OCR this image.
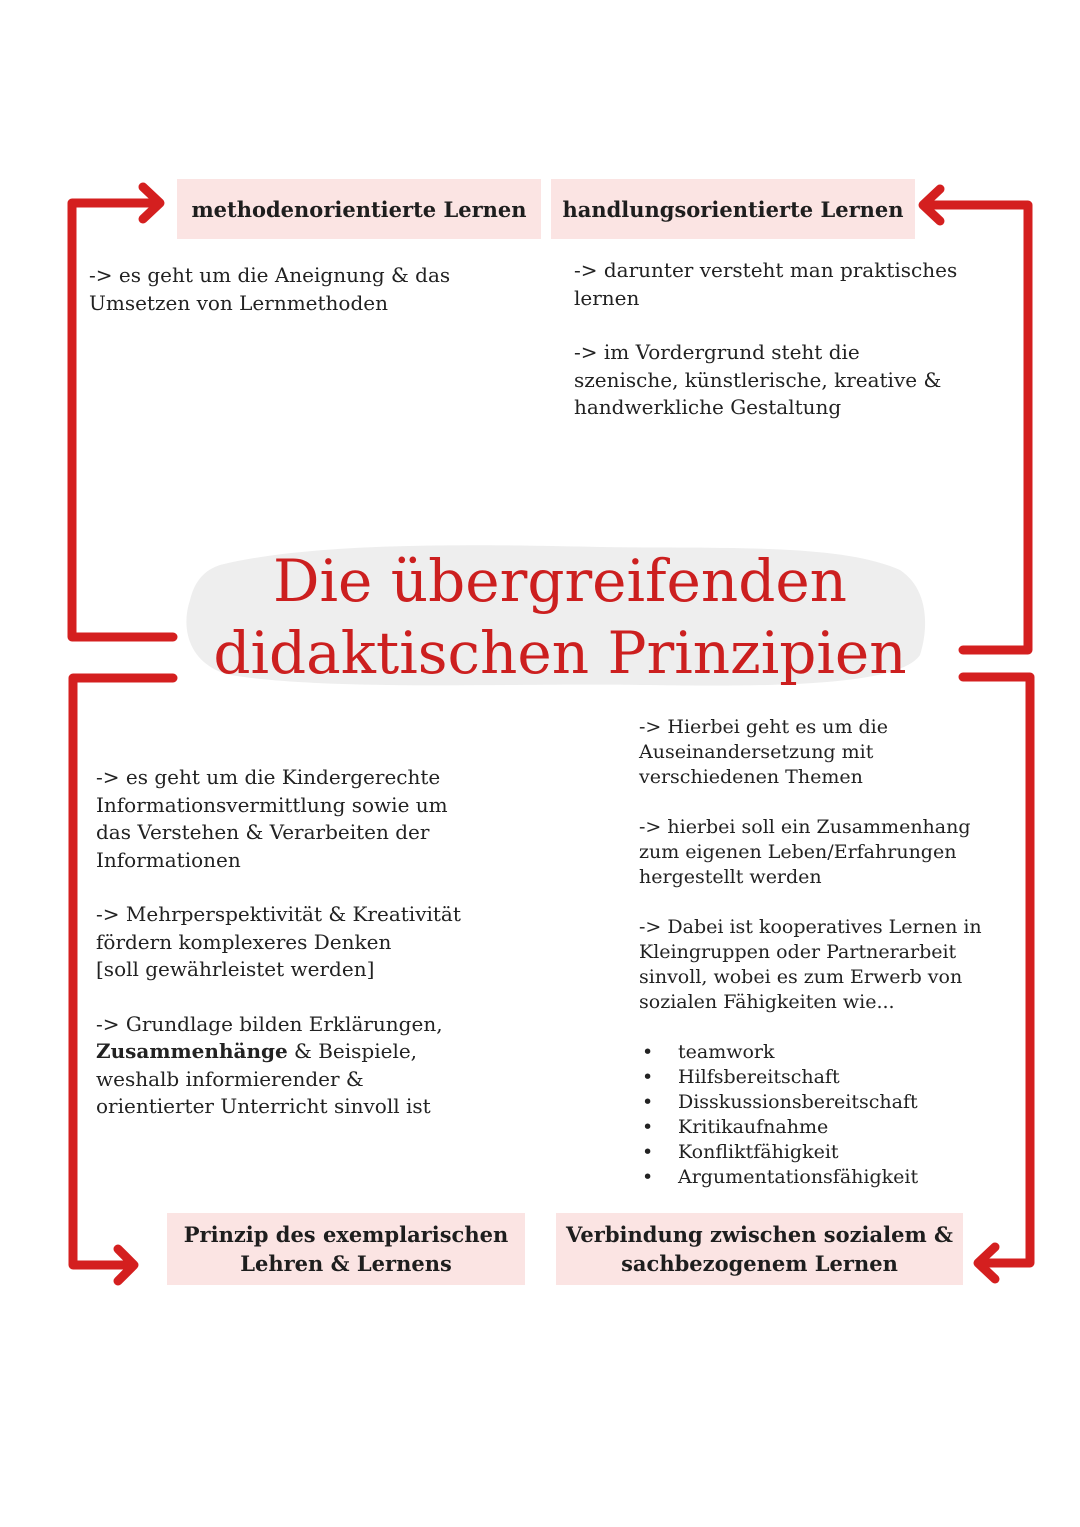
Die übergreifenden
didaktischen Prinzipien
methodenorientierte Lernen handlungsorientierte Lernen

-> es geht um die Aneignung & das
Umsetzen von Lernmethoden

-> darunter versteht man praktisches
lernen

-> im Vordergrund steht die
szenische, künstlerische, kreative &
handwerkliche Gestaltung

-> es geht um die Kindergerechte
Informationsvermittlung sowie um
das Verstehen & Verarbeiten der
Informationen

-> Mehrperspektivität & Kreativität
fördern komplexeres Denken
[soll gewährleistet werden]

-> Grundlage bilden Erklärungen,
Zusammenhänge & Beispiele,
weshalb informierender &
orientierter Unterricht sinvoll ist

-> Hierbei geht es um die
Auseinandersetzung mit
verschiedenen Themen

-> hierbei soll ein Zusammenhang
zum eigenen Leben/Erfahrungen
hergestellt werden

-> Dabei ist kooperatives Lernen in
Kleingruppen oder Partnerarbeit
sinvoll, wobei es zum Erwerb von
sozialen Fähigkeiten wie...

• teamwork
• Hilfsbereitschaft
• Disskussionsbereitschaft
• Kritikaufnahme
• Konfliktfähigkeit
• Argumentationsfähigkeit
Prinzip des exemplarischen
Lehren & Lernens
Verbindung zwischen sozialem &
sachbezogenem Lernen
